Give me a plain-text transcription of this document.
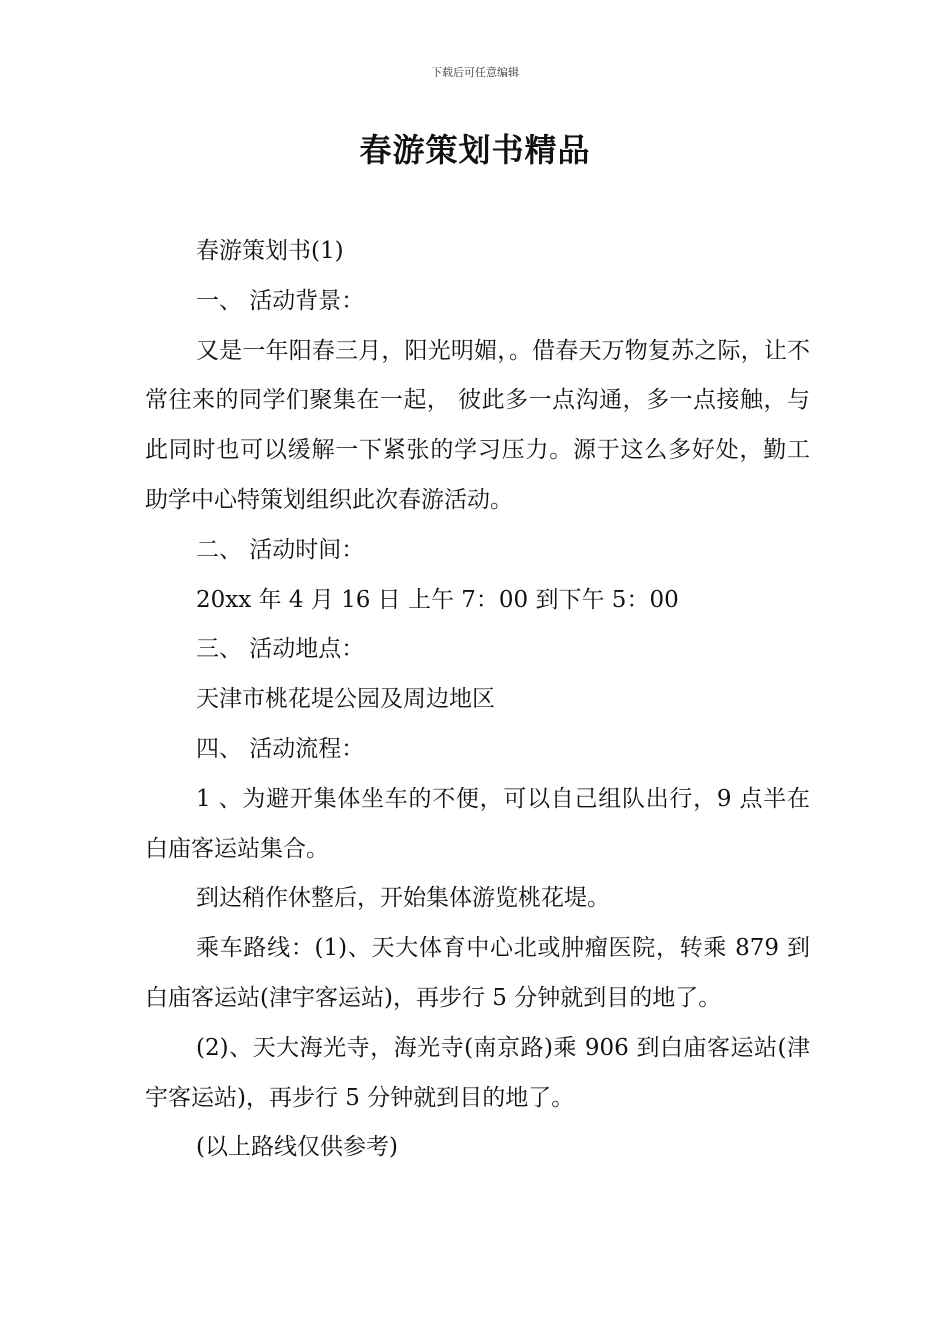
下载后可任意编辑
春游策划书精品

春游策划书(1)

一、 活动背景：

又是一年阳春三月，阳光明媚，。借春天万物复苏之际，让不常往来的同学们聚集在一起， 彼此多一点沟通，多一点接触，与此同时也可以缓解一下紧张的学习压力。源于这么多好处，勤工助学中心特策划组织此次春游活动。

二、 活动时间：

20xx 年 4 月 16 日 上午 7：00 到下午 5：00

三、 活动地点：

天津市桃花堤公园及周边地区

四、 活动流程：

1 、为避开集体坐车的不便，可以自己组队出行，9 点半在白庙客运站集合。

到达稍作休整后，开始集体游览桃花堤。

乘车路线：(1)、天大体育中心北或肿瘤医院，转乘 879 到白庙客运站(津宇客运站)，再步行 5 分钟就到目的地了。

(2)、天大海光寺，海光寺(南京路)乘 906 到白庙客运站(津宇客运站)，再步行 5 分钟就到目的地了。

(以上路线仅供参考)
